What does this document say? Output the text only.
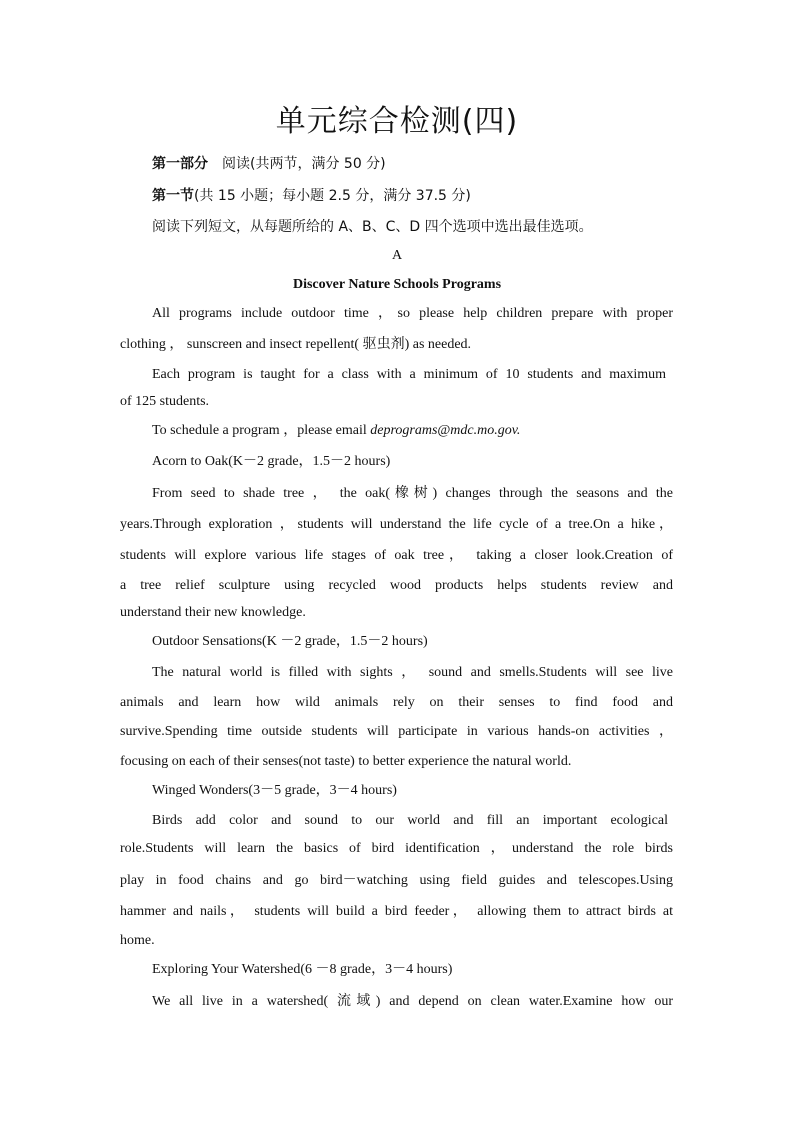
单元综合检测(四)
第一部分　阅读(共两节，满分 50 分)
第一节(共 15 小题；每小题 2.5 分，满分 37.5 分)
阅读下列短文，从每题所给的 A、B、C、D 四个选项中选出最佳选项。
A
Discover Nature Schools Programs
All programs include outdoor time ，so please help children prepare with proper
clothing ， sunscreen and insect repellent( 驱虫剂) as needed.
Each program is taught for a class with a minimum of 10 students and maximum
of 125 students.
To schedule a program ，please email deprograms@mdc.mo.gov.
Acorn to Oak(K－2 grade，1.5－2 hours)
From seed to shade tree ， the oak(橡树) changes through the seasons and the
years.Through exploration ，students will understand the life cycle of a tree.On a hike，
students will explore various life stages of oak tree， taking a closer look.Creation of
a tree relief sculpture using recycled wood products helps students review and
understand their new knowledge.
Outdoor Sensations(K －2 grade，1.5－2 hours)
The natural world is filled with sights ， sound and smells.Students will see live
animals and learn how wild animals rely on their senses to find food and
survive.Spending time outside students will participate in various hands-on activities ，
focusing on each of their senses(not taste) to better experience the natural world.
Winged Wonders(3－5 grade，3－4 hours)
Birds add color and sound to our world and fill an important ecological
role.Students will learn the basics of bird identification ，understand the role birds
play in food chains and go bird－watching using field guides and telescopes.Using
hammer and nails， students will build a bird feeder， allowing them to attract birds at
home.
Exploring Your Watershed(6 －8 grade，3－4 hours)
We all live in a watershed( 流域) and depend on clean water.Examine how our
